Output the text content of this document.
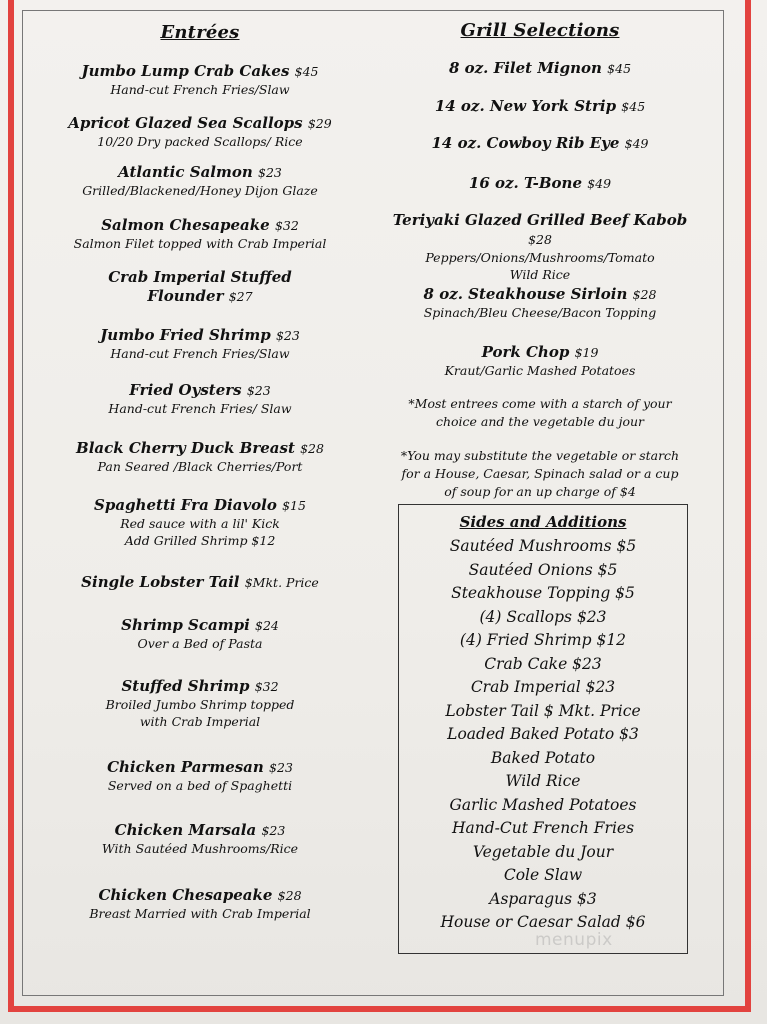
Entrées
Jumbo Lump Crab Cakes $45
Hand-cut French Fries/Slaw
Apricot Glazed Sea Scallops $29
10/20 Dry packed Scallops/ Rice
Atlantic Salmon $23
Grilled/Blackened/Honey Dijon Glaze
Salmon Chesapeake $32
Salmon Filet topped with Crab Imperial
Crab Imperial Stuffed
Flounder $27
Jumbo Fried Shrimp $23
Hand-cut French Fries/Slaw
Fried Oysters $23
Hand-cut French Fries/ Slaw
Black Cherry Duck Breast $28
Pan Seared /Black Cherries/Port
Spaghetti Fra Diavolo $15
Red sauce with a lil' Kick
Add Grilled Shrimp $12
Single Lobster Tail $Mkt. Price
Shrimp Scampi $24
Over a Bed of Pasta
Stuffed Shrimp $32
Broiled Jumbo Shrimp topped
with Crab Imperial
Chicken Parmesan $23
Served on a bed of Spaghetti
Chicken Marsala $23
With Sautéed Mushrooms/Rice
Chicken Chesapeake $28
Breast Married with Crab Imperial
Grill Selections
8 oz. Filet Mignon $45
14 oz. New York Strip $45
14 oz. Cowboy Rib Eye $49
16 oz. T-Bone $49
Teriyaki Glazed Grilled Beef Kabob $28
Peppers/Onions/Mushrooms/Tomato
Wild Rice
8 oz. Steakhouse Sirloin $28
Spinach/Bleu Cheese/Bacon Topping
Pork Chop $19
Kraut/Garlic Mashed Potatoes
*Most entrees come with a starch of your
choice and the vegetable du jour
*You may substitute the vegetable or starch
for a House, Caesar, Spinach salad or a cup
of soup for an up charge of $4
Sides and Additions
Sautéed Mushrooms $5
Sautéed Onions $5
Steakhouse Topping $5
(4) Scallops $23
(4) Fried Shrimp $12
Crab Cake $23
Crab Imperial $23
Lobster Tail $ Mkt. Price
Loaded Baked Potato $3
Baked Potato
Wild Rice
Garlic Mashed Potatoes
Hand-Cut French Fries
Vegetable du Jour
Cole Slaw
Asparagus $3
House or Caesar Salad $6
menupix
